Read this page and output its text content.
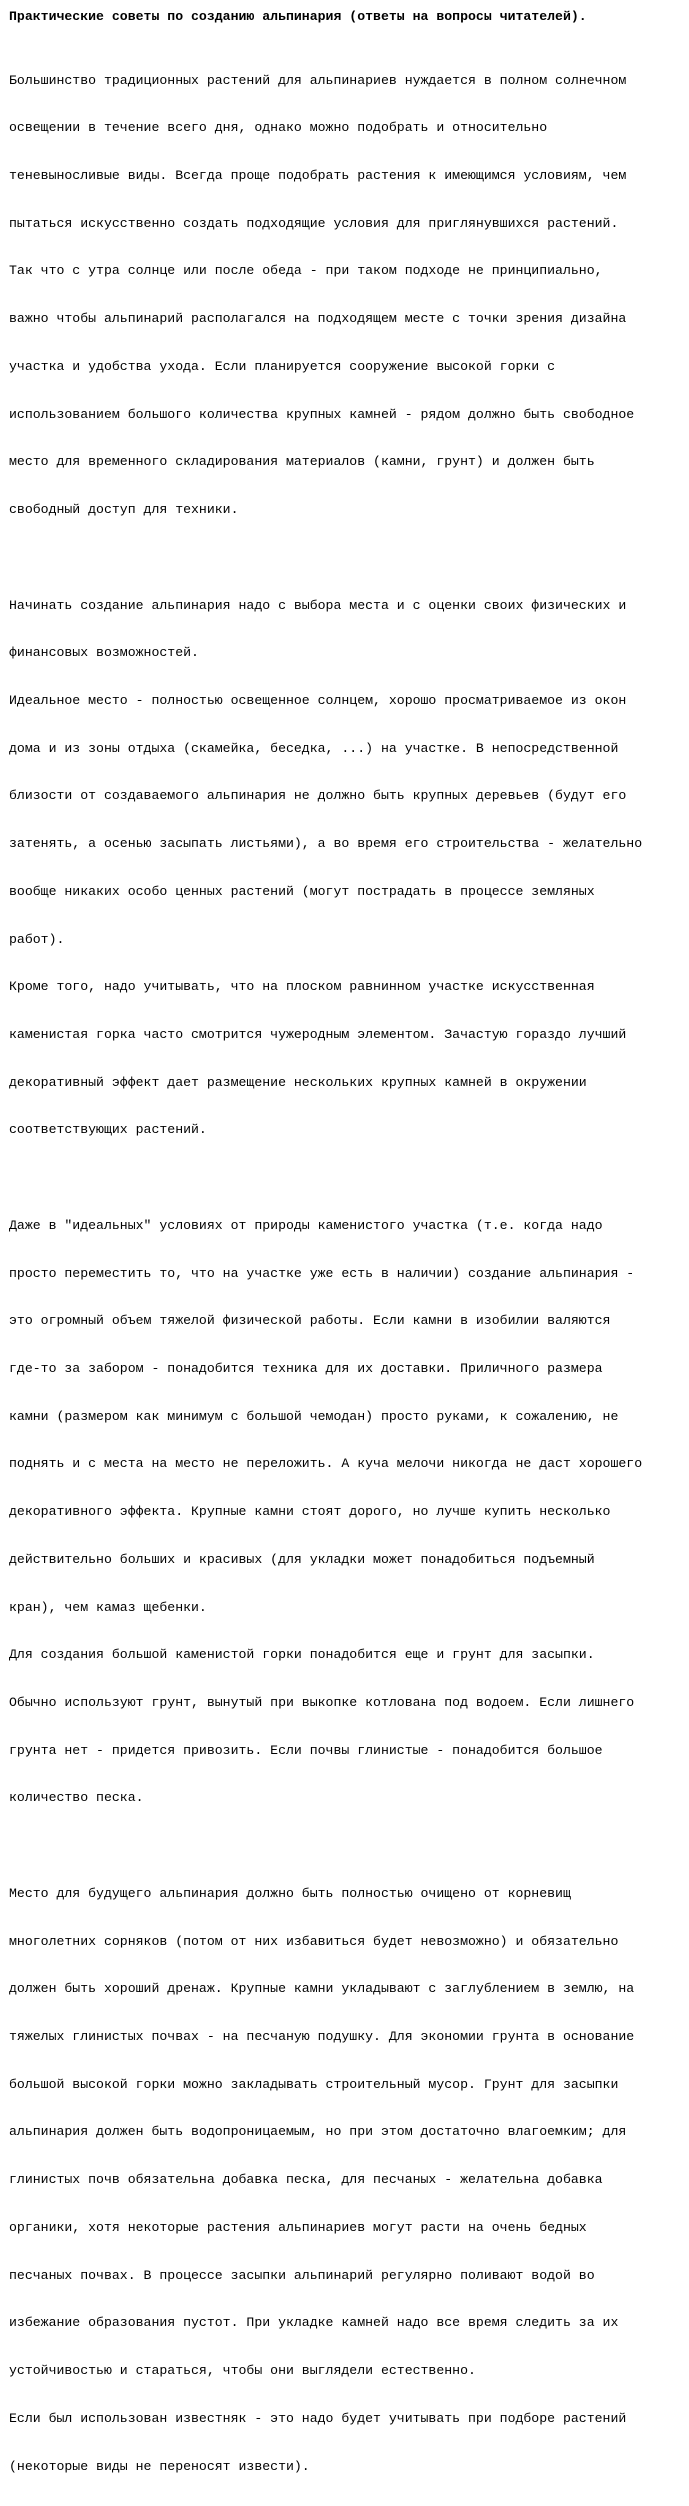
Практические советы по созданию альпинария (ответы на вопросы читателей).

Большинство традиционных растений для альпинариев нуждается в полном солнечном

освещении в течение всего дня, однако можно подобрать и относительно

теневыносливые виды. Всегда проще подобрать растения к имеющимся условиям, чем

пытаться искусственно создать подходящие условия для приглянувшихся растений.

Так что с утра солнце или после обеда - при таком подходе не принципиально,

важно чтобы альпинарий располагался на подходящем месте с точки зрения дизайна

участка и удобства ухода. Если планируется сооружение высокой горки с

использованием большого количества крупных камней - рядом должно быть свободное

место для временного складирования материалов (камни, грунт) и должен быть

свободный доступ для техники.

Начинать создание альпинария надо с выбора места и с оценки своих физических и

финансовых возможностей.

Идеальное место - полностью освещенное солнцем, хорошо просматриваемое из окон

дома и из зоны отдыха (скамейка, беседка, ...) на участке. В непосредственной

близости от создаваемого альпинария не должно быть крупных деревьев (будут его

затенять, а осенью засыпать листьями), а во время его строительства - желательно

вообще никаких особо ценных растений (могут пострадать в процессе земляных

работ).

Кроме того, надо учитывать, что на плоском равнинном участке искусственная

каменистая горка часто смотрится чужеродным элементом. Зачастую гораздо лучший

декоративный эффект дает размещение нескольких крупных камней в окружении

соответствующих растений.

Даже в "идеальных" условиях от природы каменистого участка (т.е. когда надо

просто переместить то, что на участке уже есть в наличии) создание альпинария -

это огромный объем тяжелой физической работы. Если камни в изобилии валяются

где-то за забором - понадобится техника для их доставки. Приличного размера

камни (размером как минимум с большой чемодан) просто руками, к сожалению, не

поднять и с места на место не переложить. А куча мелочи никогда не даст хорошего

декоративного эффекта. Крупные камни стоят дорого, но лучше купить несколько

действительно больших и красивых (для укладки может понадобиться подъемный

кран), чем камаз щебенки.

Для создания большой каменистой горки понадобится еще и грунт для засыпки.

Обычно используют грунт, вынутый при выкопке котлована под водоем. Если лишнего

грунта нет - придется привозить. Если почвы глинистые - понадобится большое

количество песка.

Место для будущего альпинария должно быть полностью очищено от корневищ

многолетних сорняков (потом от них избавиться будет невозможно) и обязательно

должен быть хороший дренаж. Крупные камни укладывают с заглублением в землю, на

тяжелых глинистых почвах - на песчаную подушку. Для экономии грунта в основание

большой высокой горки можно закладывать строительный мусор. Грунт для засыпки

альпинария должен быть водопроницаемым, но при этом достаточно влагоемким; для

глинистых почв обязательна добавка песка, для песчаных - желательна добавка

органики, хотя некоторые растения альпинариев могут расти на очень бедных

песчаных почвах. В процессе засыпки альпинарий регулярно поливают водой во

избежание образования пустот. При укладке камней надо все время следить за их

устойчивостью и стараться, чтобы они выглядели естественно.

Если был использован известняк - это надо будет учитывать при подборе растений

(некоторые виды не переносят извести).
